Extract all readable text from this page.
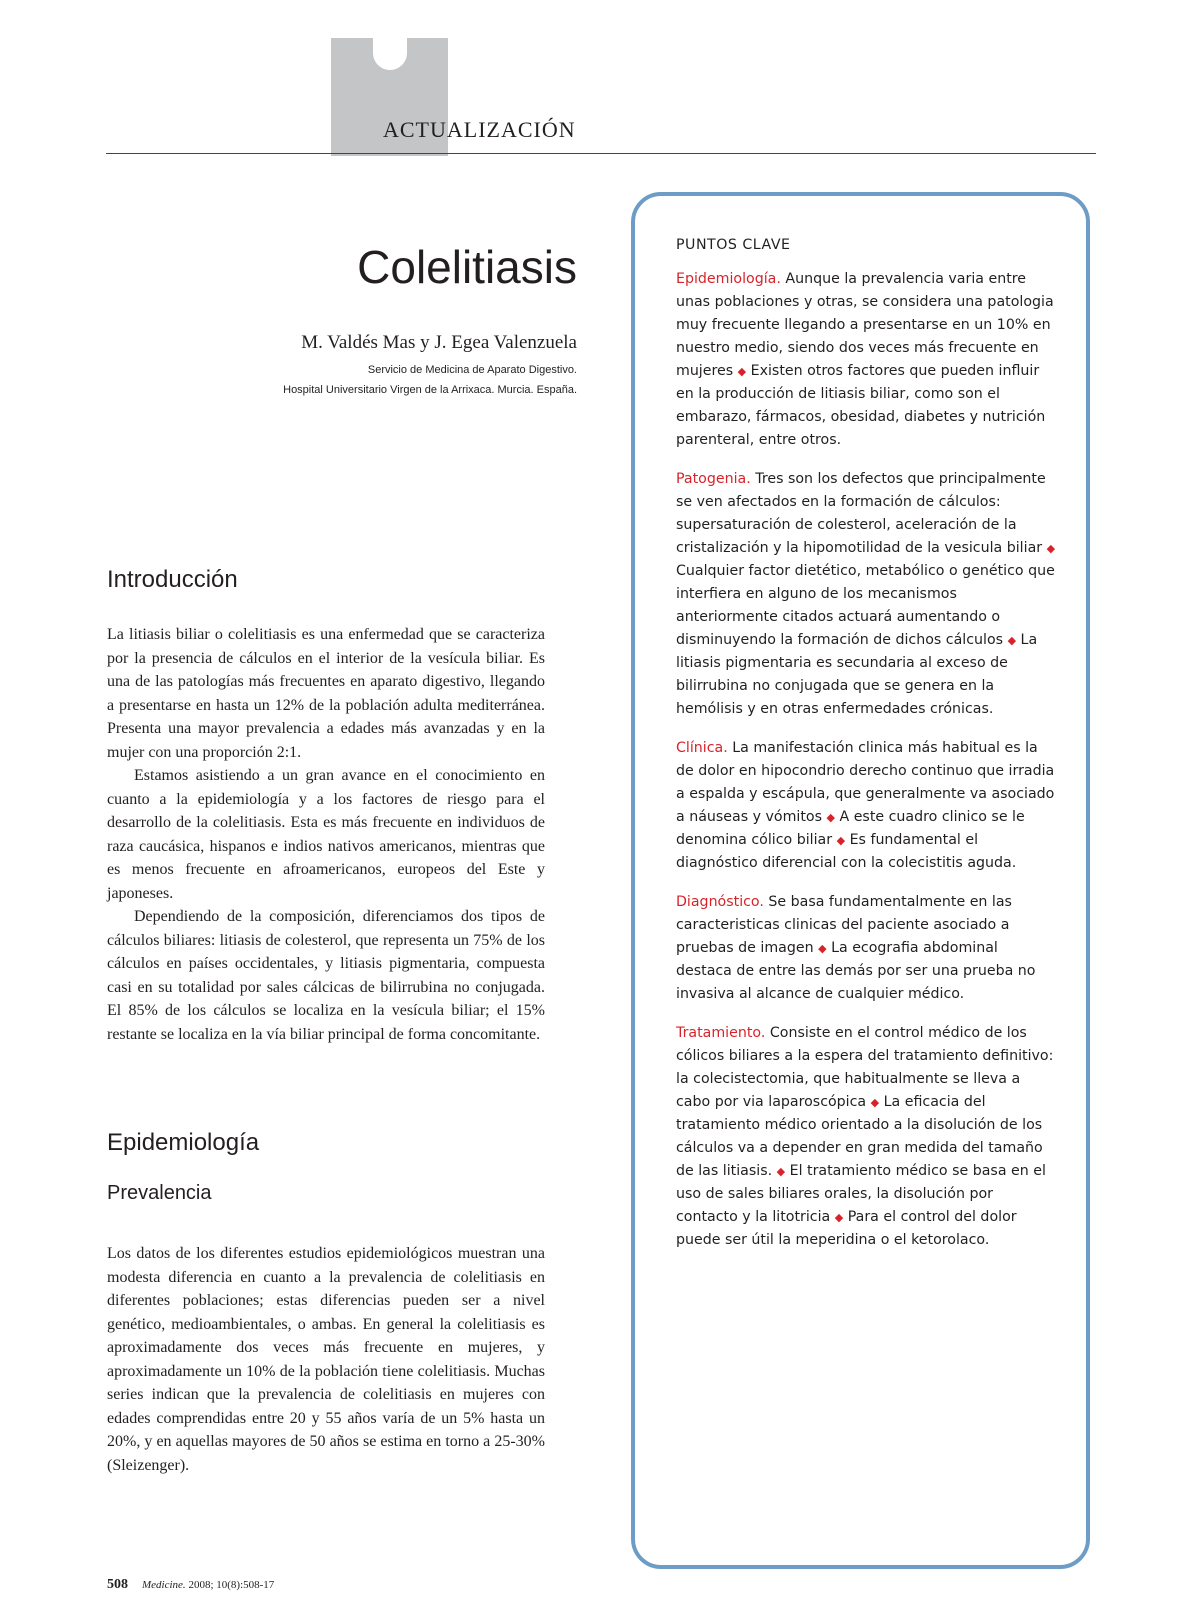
ACTUALIZACIÓN
Colelitiasis
M. Valdés Mas y J. Egea Valenzuela
Servicio de Medicina de Aparato Digestivo.
Hospital Universitario Virgen de la Arrixaca. Murcia. España.
Introducción

La litiasis biliar o colelitiasis es una enfermedad que se caracteriza por la presencia de cálculos en el interior de la vesícula biliar. Es una de las patologías más frecuentes en aparato digestivo, llegando a presentarse en hasta un 12% de la población adulta mediterránea. Presenta una mayor prevalencia a edades más avanzadas y en la mujer con una proporción 2:1.

Estamos asistiendo a un gran avance en el conocimiento en cuanto a la epidemiología y a los factores de riesgo para el desarrollo de la colelitiasis. Esta es más frecuente en individuos de raza caucásica, hispanos e indios nativos americanos, mientras que es menos frecuente en afroamericanos, europeos del Este y japoneses.

Dependiendo de la composición, diferenciamos dos tipos de cálculos biliares: litiasis de colesterol, que representa un 75% de los cálculos en países occidentales, y litiasis pigmentaria, compuesta casi en su totalidad por sales cálcicas de bilirrubina no conjugada. El 85% de los cálculos se localiza en la vesícula biliar; el 15% restante se localiza en la vía biliar principal de forma concomitante.

Epidemiología
Prevalencia

Los datos de los diferentes estudios epidemiológicos muestran una modesta diferencia en cuanto a la prevalencia de colelitiasis en diferentes poblaciones; estas diferencias pueden ser a nivel genético, medioambientales, o ambas. En general la colelitiasis es aproximadamente dos veces más frecuente en mujeres, y aproximadamente un 10% de la población tiene colelitiasis. Muchas series indican que la prevalencia de colelitiasis en mujeres con edades comprendidas entre 20 y 55 años varía de un 5% hasta un 20%, y en aquellas mayores de 50 años se estima en torno a 25-30% (Sleizenger).

PUNTOS CLAVE
Epidemiología. Aunque la prevalencia varia entre unas poblaciones y otras, se considera una patologia muy frecuente llegando a presentarse en un 10% en nuestro medio, siendo dos veces más frecuente en mujeres ◆ Existen otros factores que pueden influir en la producción de litiasis biliar, como son el embarazo, fármacos, obesidad, diabetes y nutrición parenteral, entre otros.
Patogenia. Tres son los defectos que principalmente se ven afectados en la formación de cálculos: supersaturación de colesterol, aceleración de la cristalización y la hipomotilidad de la vesicula biliar ◆ Cualquier factor dietético, metabólico o genético que interfiera en alguno de los mecanismos anteriormente citados actuará aumentando o disminuyendo la formación de dichos cálculos ◆ La litiasis pigmentaria es secundaria al exceso de bilirrubina no conjugada que se genera en la hemólisis y en otras enfermedades crónicas.
Clínica. La manifestación clinica más habitual es la de dolor en hipocondrio derecho continuo que irradia a espalda y escápula, que generalmente va asociado a náuseas y vómitos ◆ A este cuadro clinico se le denomina cólico biliar ◆ Es fundamental el diagnóstico diferencial con la colecistitis aguda.
Diagnóstico. Se basa fundamentalmente en las caracteristicas clinicas del paciente asociado a pruebas de imagen ◆ La ecografia abdominal destaca de entre las demás por ser una prueba no invasiva al alcance de cualquier médico.
Tratamiento. Consiste en el control médico de los cólicos biliares a la espera del tratamiento definitivo: la colecistectomia, que habitualmente se lleva a cabo por via laparoscópica ◆ La eficacia del tratamiento médico orientado a la disolución de los cálculos va a depender en gran medida del tamaño de las litiasis. ◆ El tratamiento médico se basa en el uso de sales biliares orales, la disolución por contacto y la litotricia ◆ Para el control del dolor puede ser útil la meperidina o el ketorolaco.
508 Medicine. 2008; 10(8):508-17
